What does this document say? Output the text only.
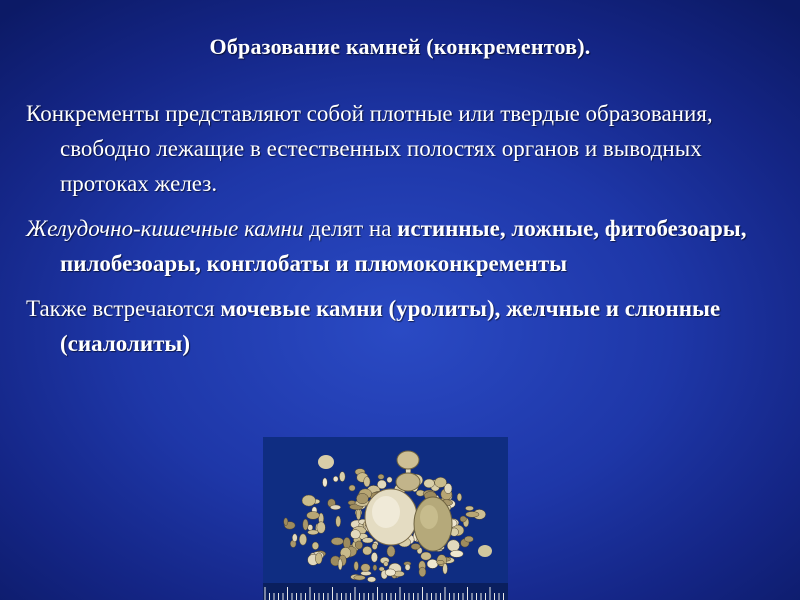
Образование камней (конкрементов).

Конкременты представляют собой плотные или твердые образования, свободно лежащие в естественных полостях органов и выводных протоках желез.

Желудочно-кишечные камни делят на истинные, ложные, фитобезоары, пилобезоары, конглобаты и плюмоконкременты

Также встречаются мочевые камни (уролиты), желчные и слюнные (сиалолиты)
